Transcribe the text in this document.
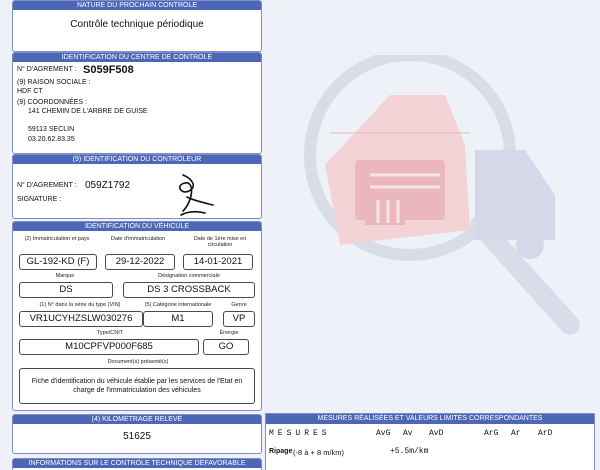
NATURE DU PROCHAIN CONTRÔLE
Contrôle technique périodique
IDENTIFICATION DU CENTRE DE CONTRÔLE
N° D'AGREMENT : S059F508
(9) RAISON SOCIALE :
HDF CT
(9) COORDONNÉES :
141 CHEMIN DE L'ARBRE DE GUISE
59113 SECLIN
03.20.62.83.35
(9) IDENTIFICATION DU CONTRÔLEUR
N° D'AGREMENT : 059Z1792
SIGNATURE :
IDENTIFICATION DU VÉHICULE
(2) Immatriculation et pays	Date d'immatriculation	Date de 1ère mise en circulation
GL-192-KD (F)	29-12-2022	14-01-2021
Marque	Désignation commerciale
DS	DS 3 CROSSBACK
(1) N° dans la série du type (VIN)	(5) Catégorie internationale	Genre
VR1UCYHZSLW030276	M1	VP
Type/CNIT	Énergie
M10CPFVP000F685	GO
Document(s) présenté(s)
Fiche d'identification du véhicule établie par les services de l'Etat en charge de l'immatriculation des véhicules
(4) KILOMÉTRAGE RELEVÉ
51625
INFORMATIONS SUR LE CONTRÔLE TECHNIQUE DÉFAVORABLE
MESURES RÉALISÉES ET VALEURS LIMITES CORRESPONDANTES
MESURES	AvG Av AvD	ArG Ar ArD
Ripage (-8 à + 8 m/km)	+5.5m/km
